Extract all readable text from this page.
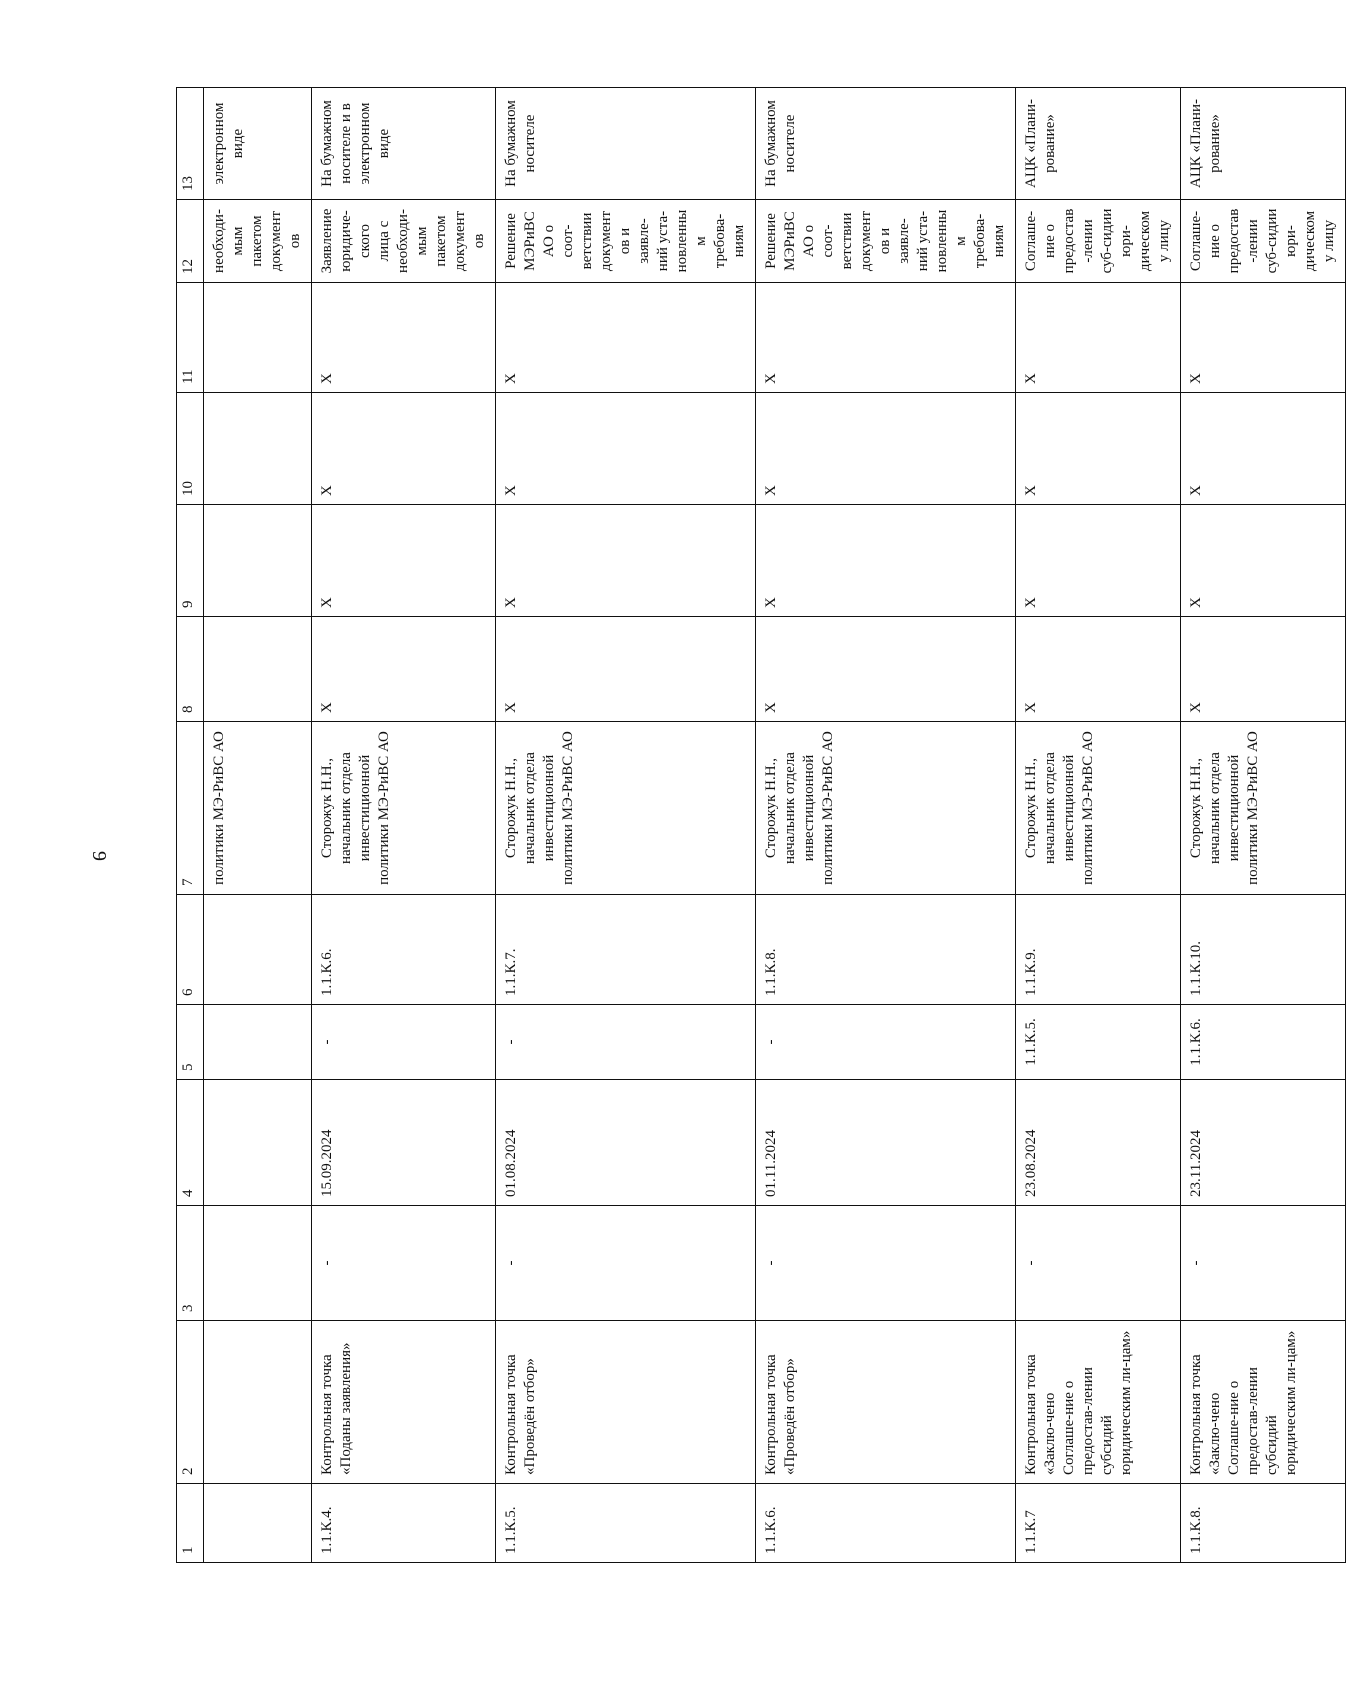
9
1	2	3	4	5	6	7	8	9	10	11	12	13
						политики МЭ-РиВС АО					необходи-мым пакетом документов	электронном виде
1.1.К.4.	Контрольная точка «Поданы заявления»	-	15.09.2024	-	1.1.К.6.	Сторожук Н.Н., начальник отдела инвестиционной политики МЭ-РиВС АО	X	X	X	X	Заявление юридиче-ского лица с необходи-мым пакетом документов	На бумажном носителе и в электронном виде
1.1.К.5.	Контрольная точка «Проведён отбор»	-	01.08.2024	-	1.1.К.7.	Сторожук Н.Н., начальник отдела инвестиционной политики МЭ-РиВС АО	X	X	X	X	Решение МЭРиВС АО о соот-ветствии документов и заявле-ний уста-новленным требова-ниям	На бумажном носителе
1.1.К.6.	Контрольная точка «Проведён отбор»	-	01.11.2024	-	1.1.К.8.	Сторожук Н.Н., начальник отдела инвестиционной политики МЭ-РиВС АО	X	X	X	X	Решение МЭРиВС АО о соот-ветствии документов и заявле-ний уста-новленным требова-ниям	На бумажном носителе
1.1.К.7	Контрольная точка «Заклю-чено Соглаше-ние о предостав-лении субсидий юридическим ли-цам»	-	23.08.2024	1.1.К.5.	1.1.К.9.	Сторожук Н.Н., начальник отдела инвестиционной политики МЭ-РиВС АО	X	X	X	X	Соглаше-ние о предостав-лении суб-сидии юри-дическому лицу	АЦК «Плани-рование»
1.1.К.8.	Контрольная точка «Заклю-чено Соглаше-ние о предостав-лении субсидий юридическим ли-цам»	-	23.11.2024	1.1.К.6.	1.1.К.10.	Сторожук Н.Н., начальник отдела инвестиционной политики МЭ-РиВС АО	X	X	X	X	Соглаше-ние о предостав-лении суб-сидии юри-дическому лицу	АЦК «Плани-рование»
